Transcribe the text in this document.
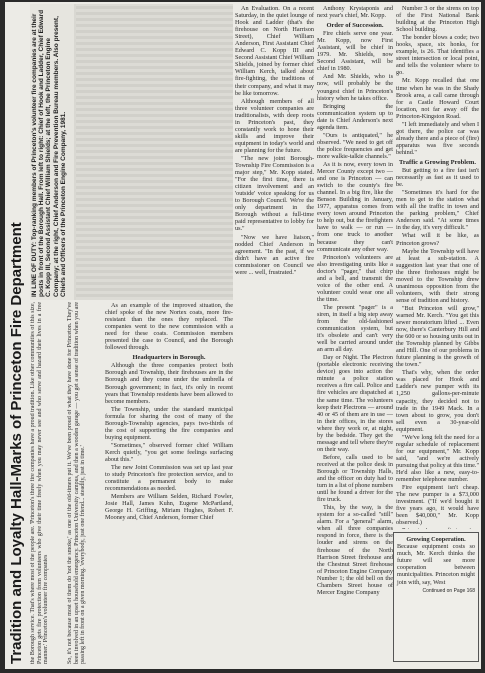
Tradition and Loyalty Hall-Marks of Princeton Fire Department
IN LINE OF DUTY: Top-ranking members of Princeton's volunteer fire companies are at their posts in front of the Borough Hall. From left to right: Chief of Hook and Ladder, Chief Edward C. Kopp III, Second Assistant Chief William Shields; at the left, the Princeton Engine Company; at the right, Chief Anderson and Fire Prevention Bureau members. Also present, Chiefs and Officers of the Princeton Engine Company, 1981.
the Borough service. That's where most of the people are. 'Princeton's three fire companies have a proud tradition. Like other communities of this size, Princeton gets fire protection from volunteers who give their time freely when you may never see and who serve and hazard their lives in a free manner.' Princeton's volunteer fire companies	So, it's not because most of them do 'not the smoke,' as one of the old-timers put it. We've been proud of what they have done for Princeton. They've been involved in an upset household emergency. Princeton University campus, and then a wooden garage — you get a sense of tradition when you are passing left in front on a given morning. 'everybody, just one friend... steadily, just in time.'

As an example of the improved situation, the chief spoke of the new Nortex coats, more fire-resistant than the ones they replaced. The companies went to the new commission with a need for these coats. Commission members presented the case to Council, and the Borough followed through.

Headquarters in Borough.

Although the three companies protect both Borough and Township, their firehouses are in the Borough and they come under the umbrella of Borough government; in fact, it's only in recent years that Township residents have been allowed to become members.

The Township, under the standard municipal formula for sharing the cost of many of the Borough-Township agencies, pays two-thirds of the cost of supporting the fire companies and buying equipment.

"Sometimes," observed former chief William Kerch quietly, "you get some feelings surfacing about this."

The new Joint Commission was set up last year to study Princeton's fire protection service, and to constitute a permanent body to make recommendations as needed.

Members are William Selden, Richard Fowler, Josie Hall, James Kuhn, Eugene McPartland, George H. Griffing, Miriam Hughes, Robert F. Mooney and, Chief Anderson, former Chief

An Evaluation. On a recent Saturday, in the quiet lounge of Hook and Ladder (that's the firehouse on North Harrison Street), Chief William Anderson, First Assistant Chief Edward C. Kopp III and Second Assistant Chief William Shields, joined by former chief William Kerch, talked about fire-fighting, the traditions of their company, and what it may be like tomorrow.

Although members of all three volunteer companies are traditionalists, with deep roots in Princeton's past, they constantly work to hone their skills and improve their equipment in today's world and are planning for the future.

"The new joint Borough-Township Fire Commission is a major step," Mr. Kopp stated. "For the first time, there is citizen involvement and an 'outside' voice speaking for us to Borough Council. We're the only department in the Borough without a full-time paid representative to lobby for us."

"Now we have liaison," nodded Chief Anderson in agreement. "In the past, if we didn't have an active fire commissioner on Council we were ... well, frustrated."

Anthony Krystaponis and next year's chief, Mr. Kopp.

Order of Succession.

Fire chiefs serve one year. Mr. Kopp, now First Assistant, will be chief in 1979. Mr. Shields, now Second Assistant, will be chief in 1980.

And Mr. Shields, who is now, will probably be the youngest chief in Princeton's history when he takes office.

Bringing the communication system up to date is Chief Anderson's next agenda item.

"Ours is antiquated," he observed. "We need to get off the police frequencies and get more walkie-talkie channels."

As it is now, every town in Mercer County except two — and one is Princeton — can switch to the county's fire channel. In a big fire, like the Benson Building in January, 1977, apparatus comes from every town around Princeton to help out, but the firefighters have to walk — or run — from one truck to another because they can't communicate any other way.

Princeton's volunteers are also investigating units like a doctor's "pager," that chirp and a bell, and transmit the voice of the other end. A volunteer could wear one all the time.

The present "pager" is a siren, in itself a big step away from the old-fashioned communication system, but it's obsolete and can't very well be carried around under an arm all day.

Day or Night. The Plectron (portable electronic receiving device) goes into action the minute a police station receives a fire call. Police and fire vehicles are dispatched at the same time. The volunteers keep their Plectrons — around 40 or 45 of them are in use — in their offices, in the stores where they work or, at night, by the bedside. They get the message and tell where they're on their way.

Before, calls used to be received at the police desk in Borough or Township Halls, and the officer on duty had to turn in a list of phone numbers until he found a driver for the fire truck.

This, by the way, is the system for a so-called "still" alarm. For a "general" alarm, when all three companies respond in force, there is the louder and sirens on the firehouse of the North Harrison Street firehouse and the Chestnut Street firehouse of Princeton Engine Company Number 1; the old bell on the Chambers Street house of Mercer Engine Company

Number 3 or the sirens on top of the First National Bank building at the Princeton High School building.

The bonder blows a code; two hooks, space, six honks, for example, is 26. That identifies a street intersection or local point, and tells the volunteer where to go.

Mr. Kopp recalled that one time when he was in the Shady Brook area, a call came through for a Castle Howard Court location, not far away off the Princeton-Kingston Road.

"I left immediately and when I got there, the police car was already there and a piece of (fire) apparatus was five seconds behind."

Traffic a Growing Problem.

But getting to a fire fast isn't necessarily as fast as it used to be.

"Sometimes it's hard for the men to get to the station what with all the traffic in town and the parking problem," Chief Anderson said. "At some times in the day, it's very difficult."

What will it be like, as Princeton grows?

Maybe the Township will have at least a sub-station. A suggestion last year that one of the three firehouses might be moved to the Township drew unanimous opposition from the volunteers, with their strong sense of tradition and history.

"But Princeton will grow," warned Mr. Kerch. "You get this sewer moratorium lifted ... Even now, there's Canterbury Hill and the 600 or so housing units out in the Township planned by Gibbs and Hill. One of our problems in future planning is the growth of the town."

That's why, when the order was placed for Hook and Ladder's new pumper with its 1,250 gallons-per-minute capacity, they decided not to trade in the 1949 Mack. In a town about to grow, you don't sell even a 30-year-old equipment.

"We've long felt the need for a regular schedule of replacement for our equipment," Mr. Kopp said, "and we're actively pursuing that policy at this time." He'd also like a new, easy-to-remember telephone number.

Fire equipment isn't cheap. The new pumper is a $73,000 investment. ("If we'd bought it five years ago, it would have been $40,000," Mr. Kopp observed.)

Growing Cooperation.
Because equipment costs so much, Mr. Kerch thinks the future will see more cooperation between municipalities. Princeton might join with, say, West
Continued on Page 168
